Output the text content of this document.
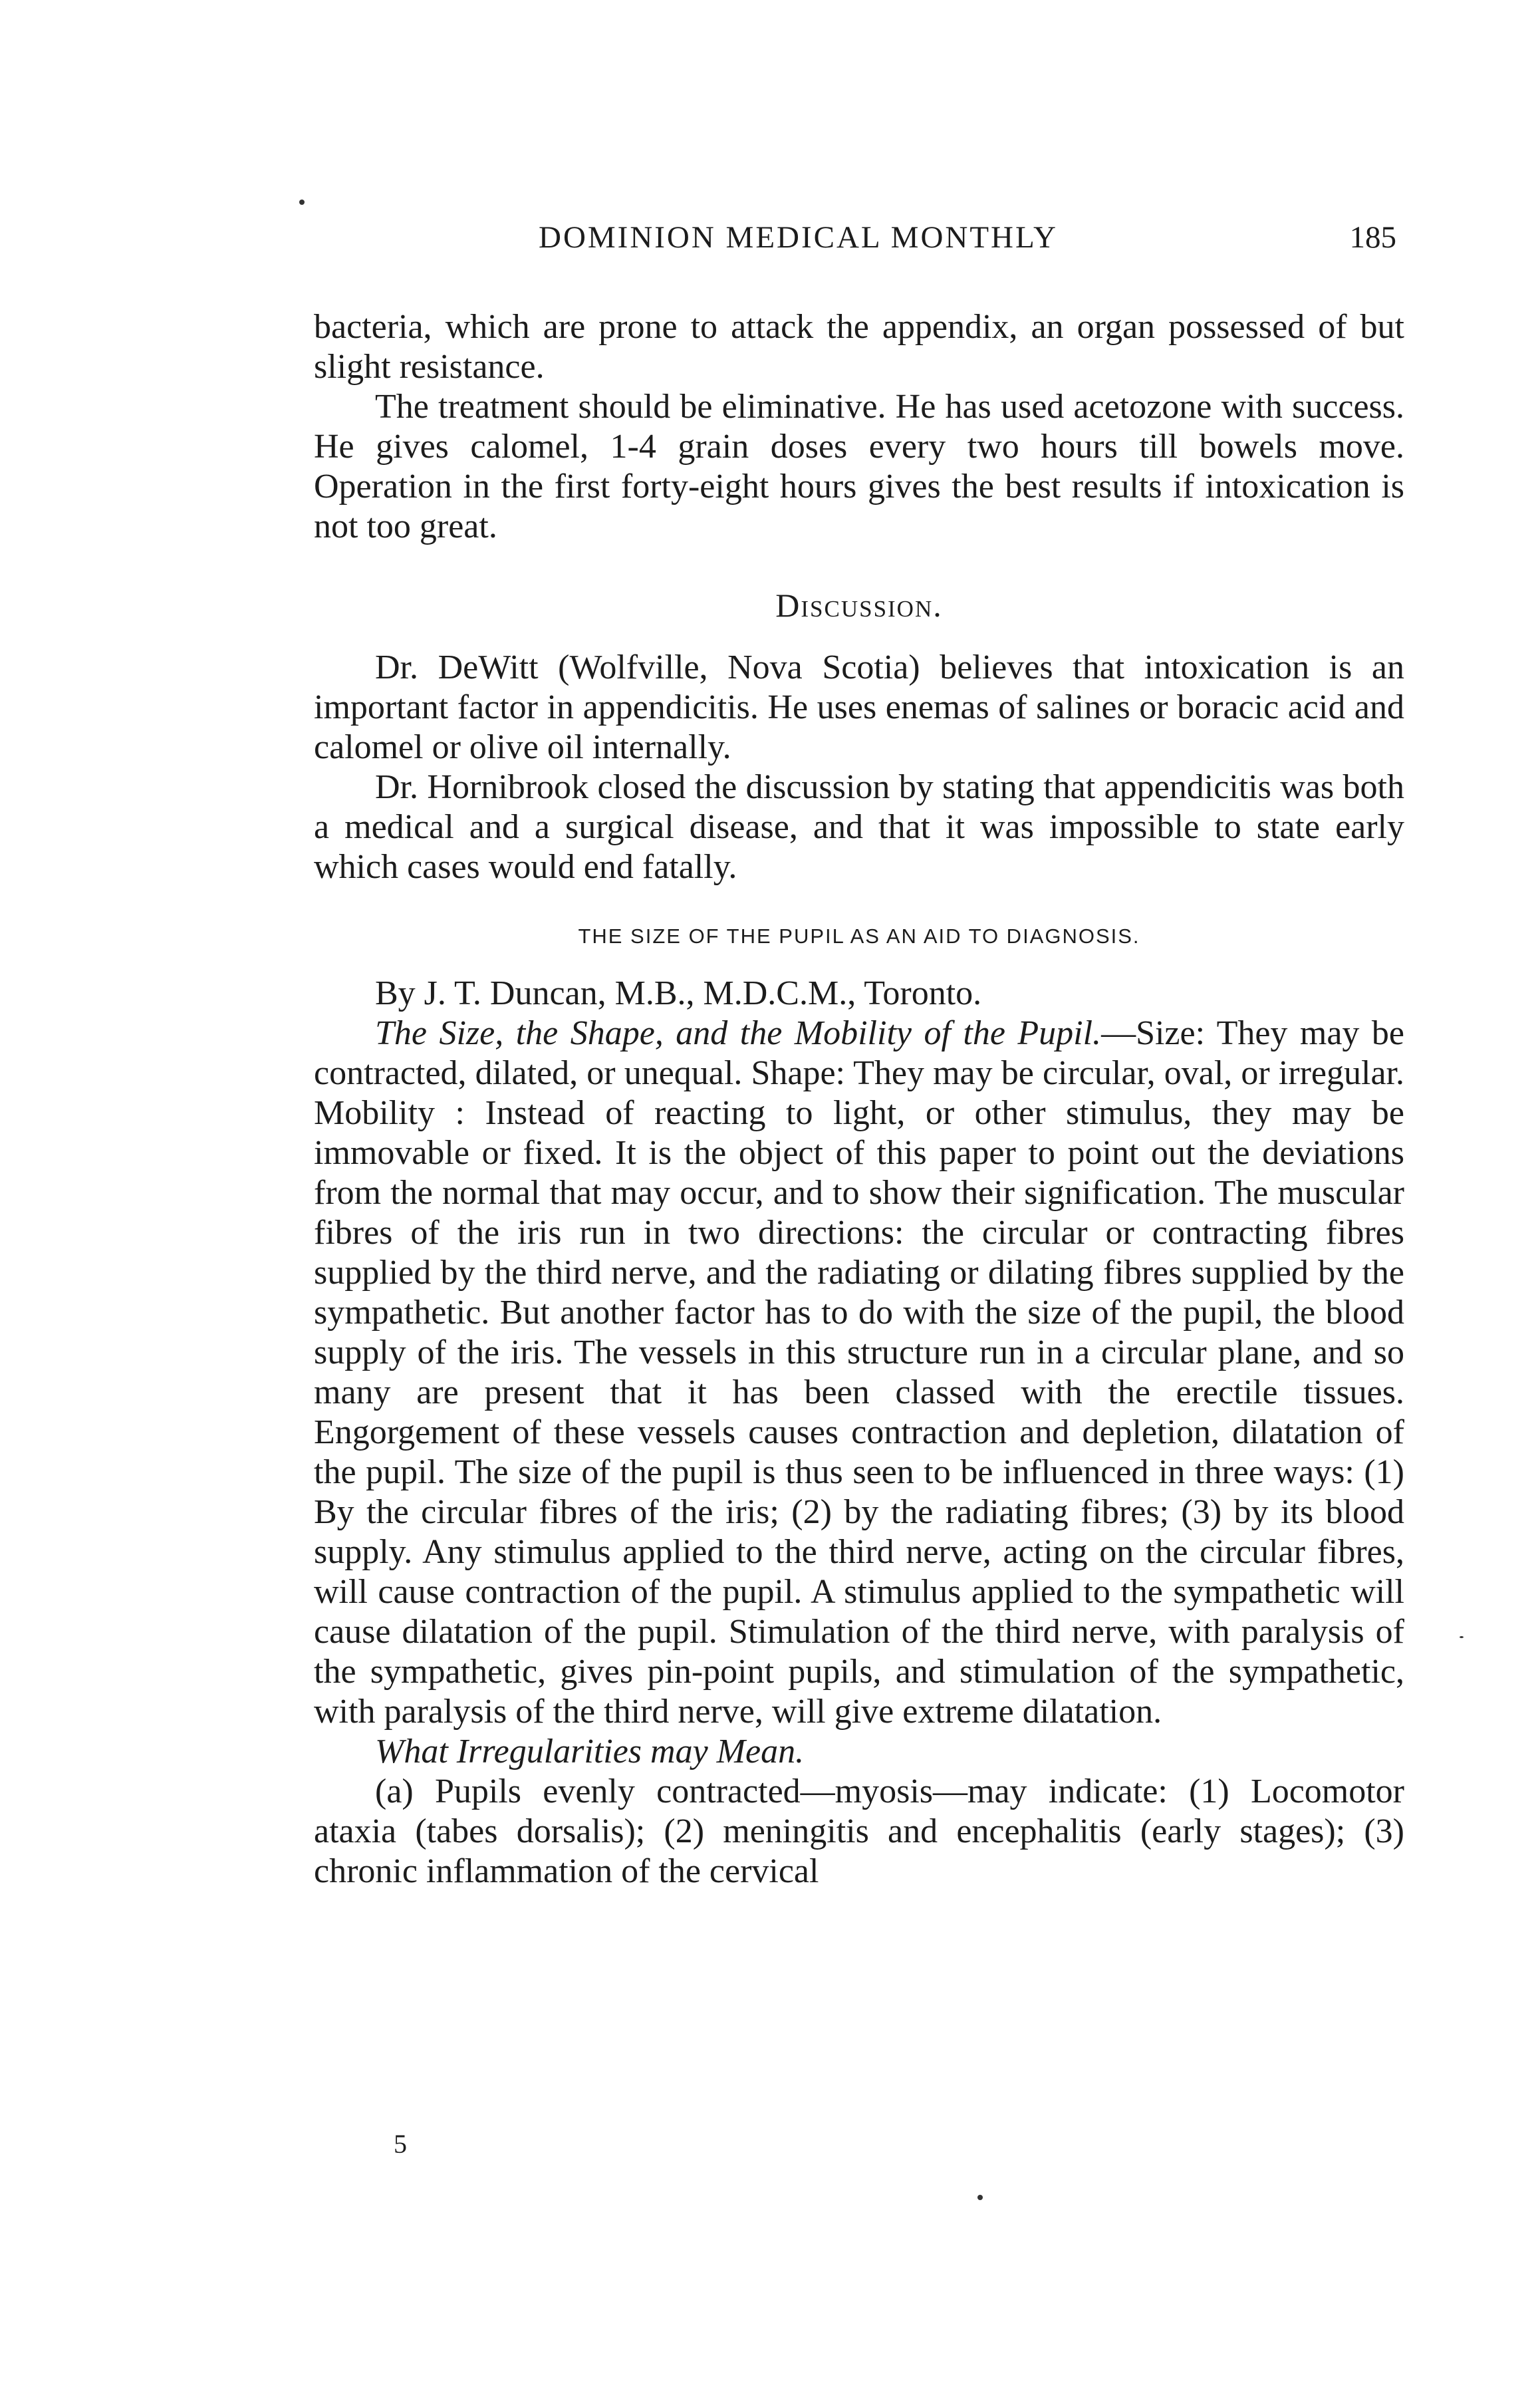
DOMINION MEDICAL MONTHLY	185

bacteria, which are prone to attack the appendix, an organ possessed of but slight resistance.

The treatment should be eliminative. He has used acetozone with success. He gives calomel, 1-4 grain doses every two hours till bowels move. Operation in the first forty-eight hours gives the best results if intoxication is not too great.

Discussion.

Dr. DeWitt (Wolfville, Nova Scotia) believes that intoxication is an important factor in appendicitis. He uses enemas of salines or boracic acid and calomel or olive oil internally.

Dr. Hornibrook closed the discussion by stating that appendicitis was both a medical and a surgical disease, and that it was impossible to state early which cases would end fatally.

THE SIZE OF THE PUPIL AS AN AID TO DIAGNOSIS.

By J. T. Duncan, M.B., M.D.C.M., Toronto.

The Size, the Shape, and the Mobility of the Pupil.—Size: They may be contracted, dilated, or unequal. Shape: They may be circular, oval, or irregular. Mobility : Instead of reacting to light, or other stimulus, they may be immovable or fixed. It is the object of this paper to point out the deviations from the normal that may occur, and to show their signification. The muscular fibres of the iris run in two directions: the circular or contracting fibres supplied by the third nerve, and the radiating or dilating fibres supplied by the sympathetic. But another factor has to do with the size of the pupil, the blood supply of the iris. The vessels in this structure run in a circular plane, and so many are present that it has been classed with the erectile tissues. Engorgement of these vessels causes contraction and depletion, dilatation of the pupil. The size of the pupil is thus seen to be influenced in three ways: (1) By the circular fibres of the iris; (2) by the radiating fibres; (3) by its blood supply. Any stimulus applied to the third nerve, acting on the circular fibres, will cause contraction of the pupil. A stimulus applied to the sympathetic will cause dilatation of the pupil. Stimulation of the third nerve, with paralysis of the sympathetic, gives pin-point pupils, and stimulation of the sympathetic, with paralysis of the third nerve, will give extreme dilatation.

What Irregularities may Mean.

(a) Pupils evenly contracted—myosis—may indicate: (1) Locomotor ataxia (tabes dorsalis); (2) meningitis and encephalitis (early stages); (3) chronic inflammation of the cervical

5
